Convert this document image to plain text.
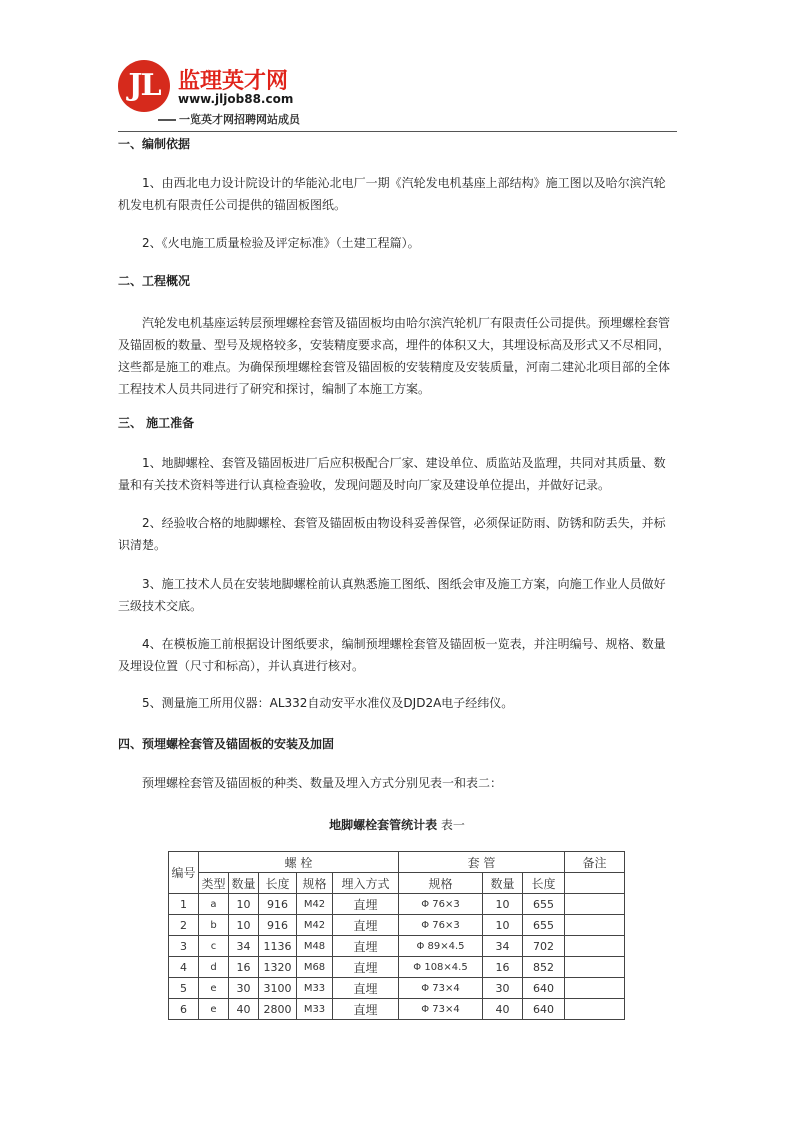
JL 监理英才网
www.jljob88.com
一览英才网招聘网站成员
一、编制依据
1、由西北电力设计院设计的华能沁北电厂一期《汽轮发电机基座上部结构》施工图以及哈尔滨汽轮机发电机有限责任公司提供的锚固板图纸。
2、《火电施工质量检验及评定标准》（土建工程篇）。
二、工程概况
汽轮发电机基座运转层预埋螺栓套管及锚固板均由哈尔滨汽轮机厂有限责任公司提供。预埋螺栓套管及锚固板的数量、型号及规格较多，安装精度要求高，埋件的体积又大，其埋设标高及形式又不尽相同，这些都是施工的难点。为确保预埋螺栓套管及锚固板的安装精度及安装质量，河南二建沁北项目部的全体工程技术人员共同进行了研究和探讨，编制了本施工方案。
三、 施工准备
1、地脚螺栓、套管及锚固板进厂后应积极配合厂家、建设单位、质监站及监理，共同对其质量、数量和有关技术资料等进行认真检查验收，发现问题及时向厂家及建设单位提出，并做好记录。
2、经验收合格的地脚螺栓、套管及锚固板由物设科妥善保管，必须保证防雨、防锈和防丢失，并标识清楚。
3、施工技术人员在安装地脚螺栓前认真熟悉施工图纸、图纸会审及施工方案，向施工作业人员做好三级技术交底。
4、在模板施工前根据设计图纸要求，编制预埋螺栓套管及锚固板一览表，并注明编号、规格、数量及埋设位置（尺寸和标高），并认真进行核对。
5、测量施工所用仪器：AL332自动安平水准仪及DJD2A电子经纬仪。
四、预埋螺栓套管及锚固板的安装及加固
预埋螺栓套管及锚固板的种类、数量及埋入方式分别见表一和表二：
地脚螺栓套管统计表 表一
编号	螺 栓					套 管			备注
	类型	数量	长度	规格	埋入方式	规格	数量	长度	
1	a	10	916	M42	直埋	Φ 76×3	10	655	
2	b	10	916	M42	直埋	Φ 76×3	10	655	
3	c	34	1136	M48	直埋	Φ 89×4.5	34	702	
4	d	16	1320	M68	直埋	Φ 108×4.5	16	852	
5	e	30	3100	M33	直埋	Φ 73×4	30	640	
6	e	40	2800	M33	直埋	Φ 73×4	40	640	
